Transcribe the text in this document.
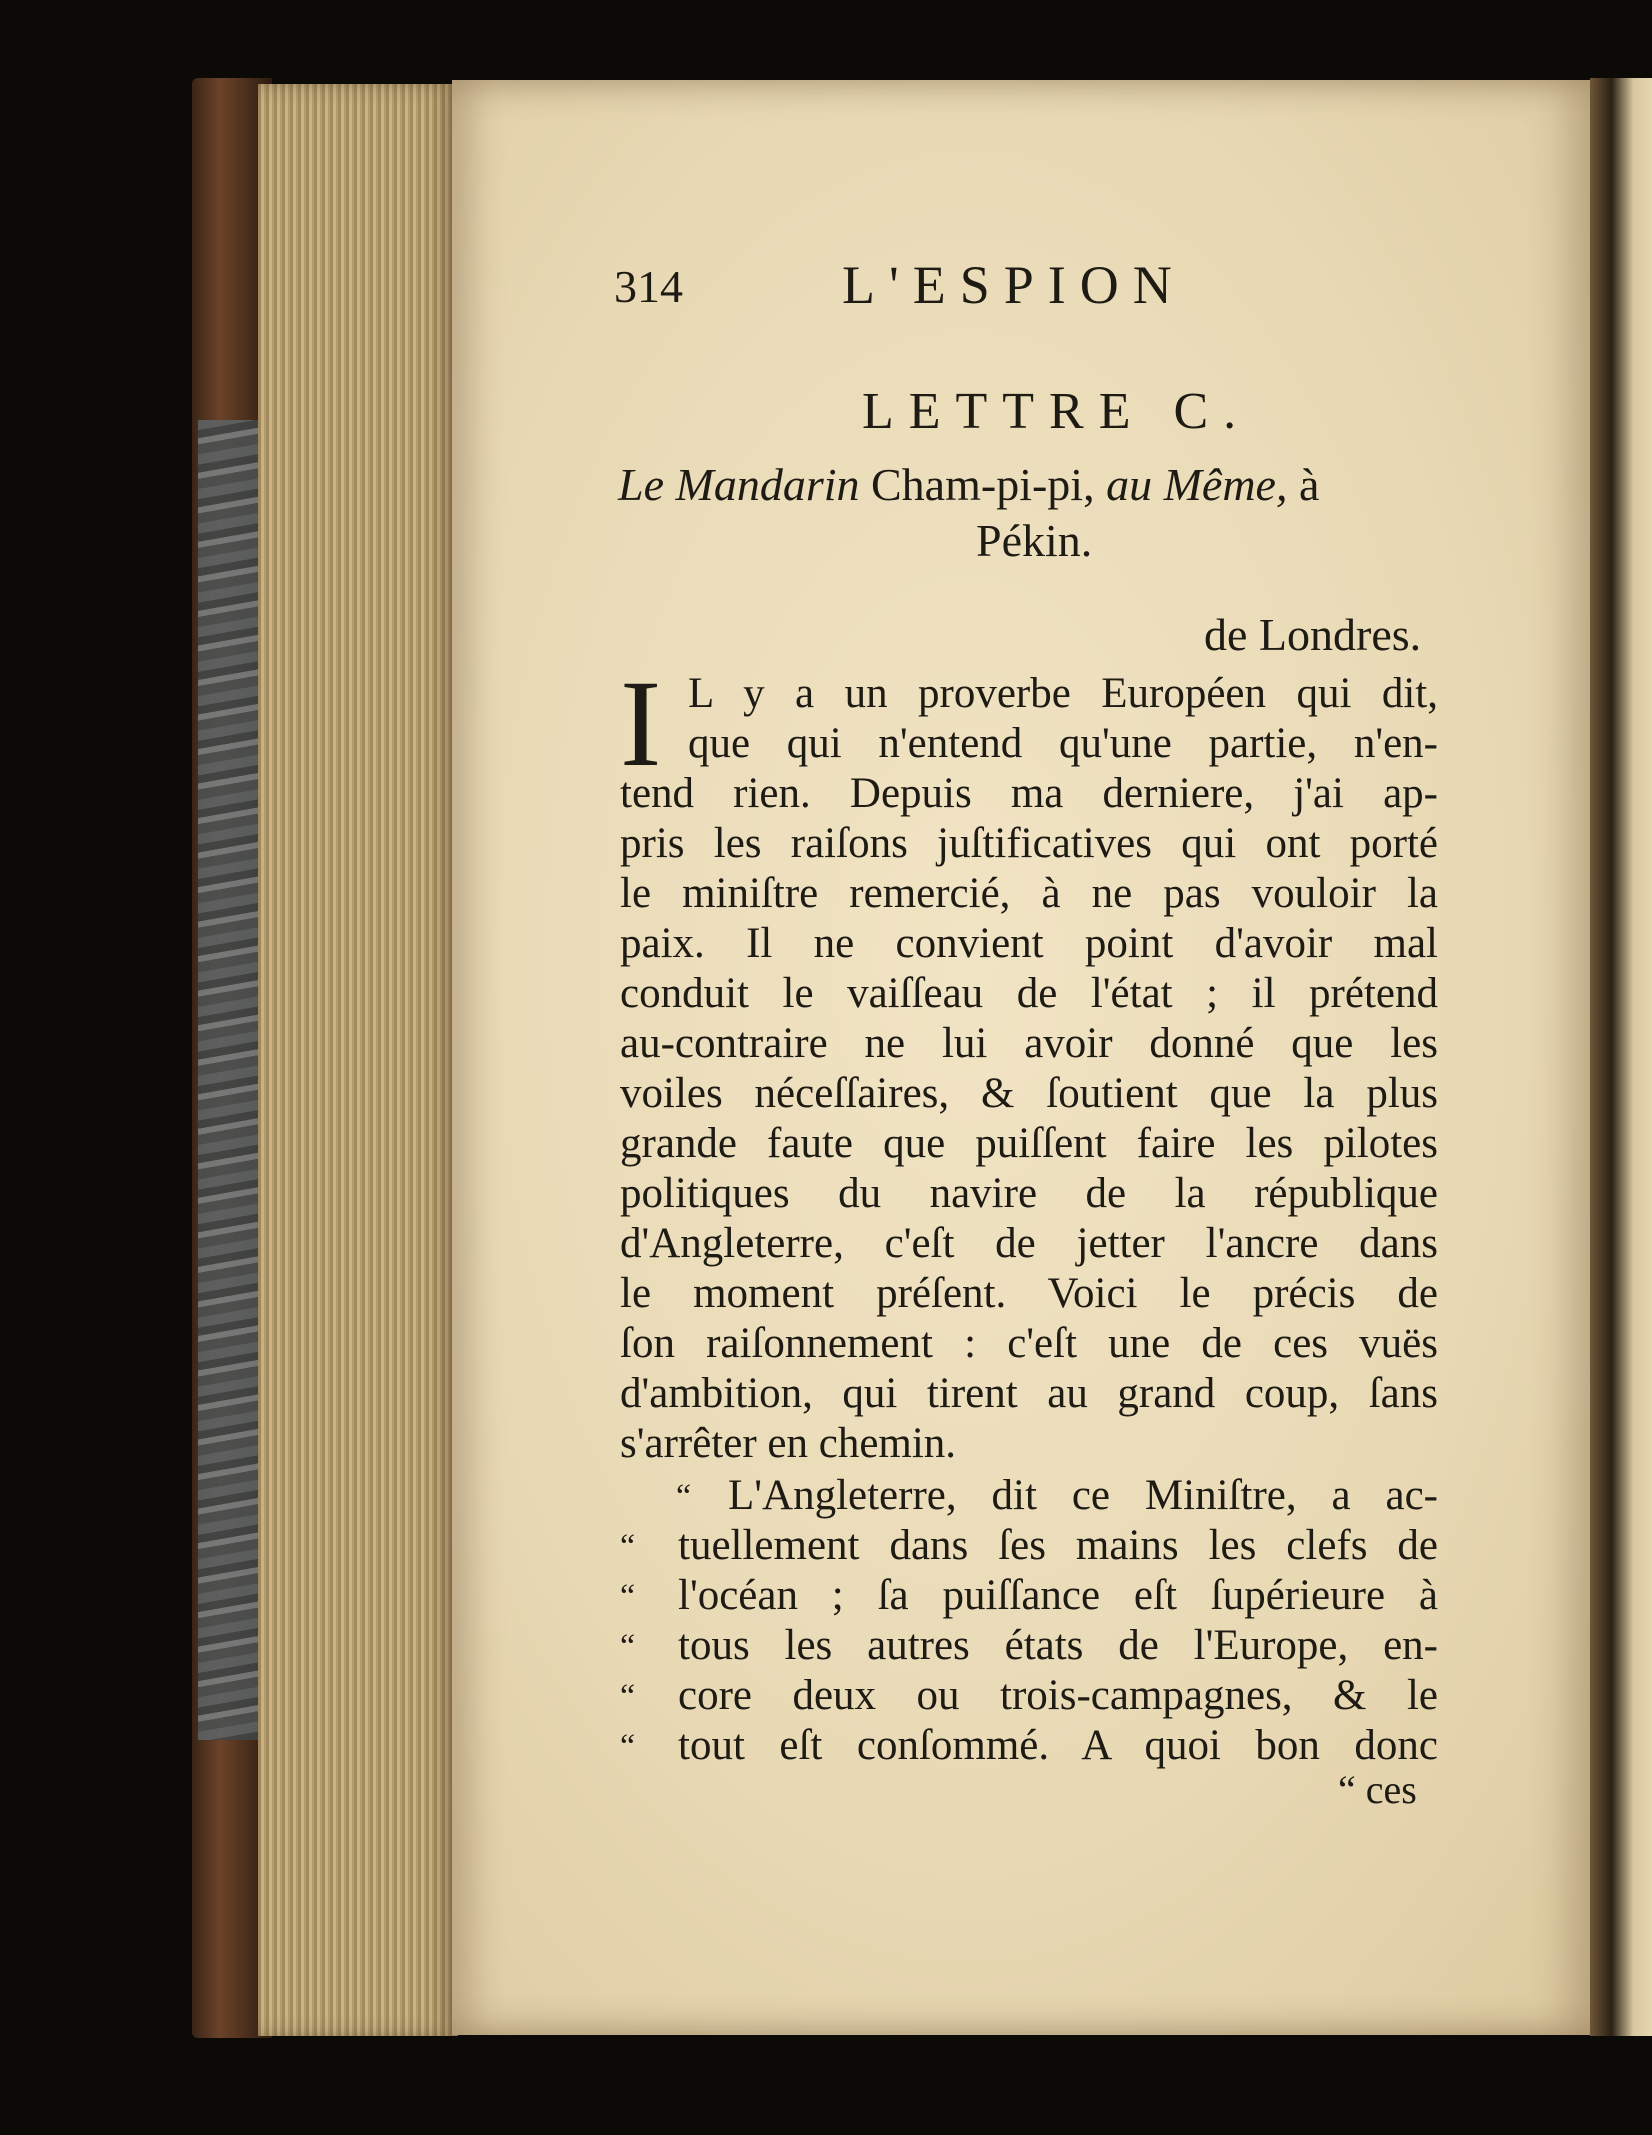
314	L'ESPION
LETTRE C.
Le Mandarin Cham-pi-pi, au Même, à
Pékin.
de Londres.
I L y a un proverbe Européen qui dit,
que qui n'entend qu'une partie, n'en-
tend rien. Depuis ma derniere, j'ai ap-
pris les raiſons juſtificatives qui ont porté
le miniſtre remercié, à ne pas vouloir la
paix. Il ne convient point d'avoir mal
conduit le vaiſſeau de l'état ; il prétend
au-contraire ne lui avoir donné que les
voiles néceſſaires, & ſoutient que la plus
grande faute que puiſſent faire les pilotes
politiques du navire de la république
d'Angleterre, c'eſt de jetter l'ancre dans
le moment préſent. Voici le précis de
ſon raiſonnement : c'eſt une de ces vuës
d'ambition, qui tirent au grand coup, ſans
s'arrêter en chemin.
“ L'Angleterre, dit ce Miniſtre, a ac-
“ tuellement dans ſes mains les clefs de
“ l'océan ; ſa puiſſance eſt ſupérieure à
“ tous les autres états de l'Europe, en-
“ core deux ou trois-campagnes, & le
“ tout eſt conſommé. A quoi bon donc
“ ces
